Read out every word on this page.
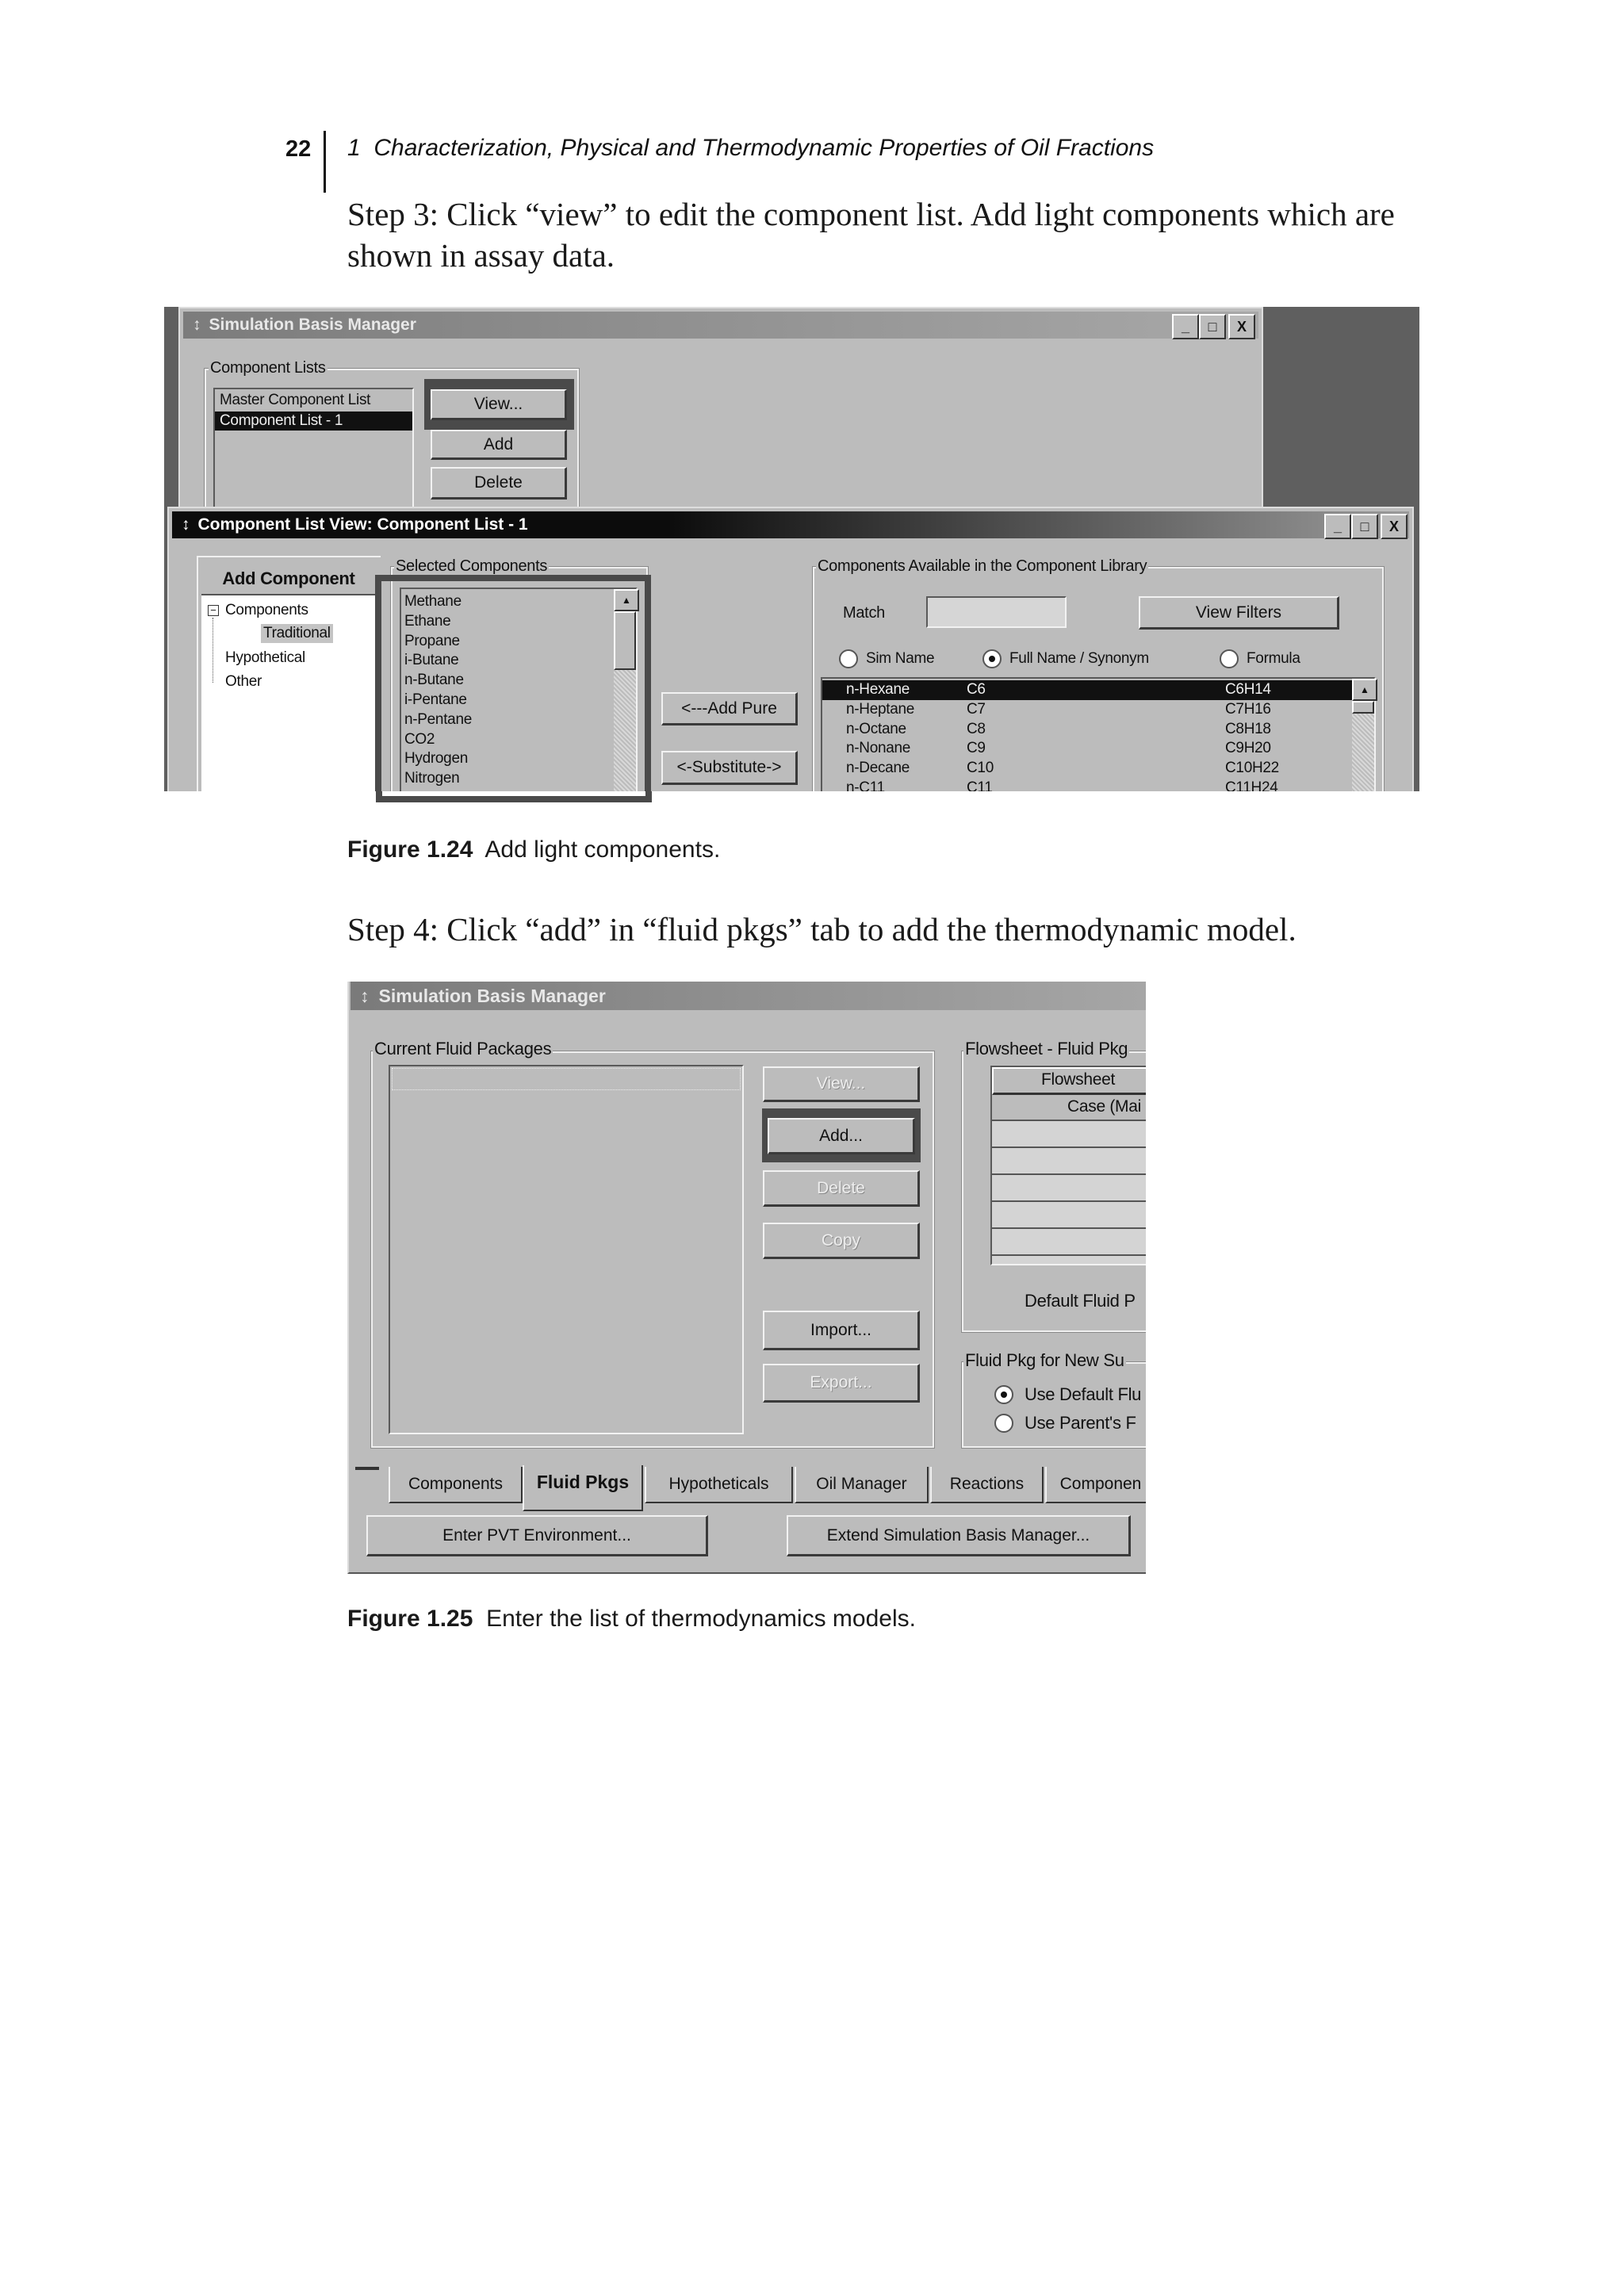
22 1  Characterization, Physical and Thermodynamic Properties of Oil Fractions
Step 3: Click “view” to edit the component list. Add light components which are shown in assay data.
↕ Simulation Basis Manager	_	□	X
Component Lists
Master Component List
Component List - 1
View...
Add
Delete
↕ Component List View: Component List - 1	_	□	X
Add Component
− Components
Traditional
Hypothetical
Other
Selected Components
Methane
Ethane
Propane
i-Butane
n-Butane
i-Pentane
n-Pentane
CO2
Hydrogen
Nitrogen
▲
<---Add Pure
<-Substitute->
Components Available in the Component Library
Match	View Filters
Sim Name	Full Name / Synonym	Formula
n-Hexane	C6	C6H14
n-Heptane	C7	C7H16
n-Octane	C8	C8H18
n-Nonane	C9	C9H20
n-Decane	C10	C10H22
n-C11	C11	C11H24
▲
Figure 1.24 Add light components.
Step 4: Click “add” in “fluid pkgs” tab to add the thermodynamic model.
↕ Simulation Basis Manager
Current Fluid Packages
View...
Add...
Delete
Copy
Import...
Export...
Flowsheet - Fluid Pkg
Flowsheet
Case (Mai
Default Fluid P
Fluid Pkg for New Su
Use Default Flu
Use Parent's F
Components	Fluid Pkgs	Hypotheticals	Oil Manager	Reactions	Componen
Enter PVT Environment...	Extend Simulation Basis Manager...
Figure 1.25 Enter the list of thermodynamics models.
